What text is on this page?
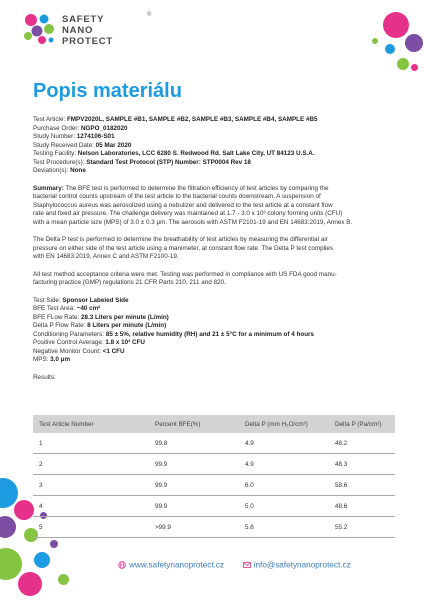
SAFETY
NANO
PROTECT
®
Popis materiálu
Test Article: FMPV2020L, SAMPLE #B1, SAMPLE #B2, SAMPLE #B3, SAMPLE #B4, SAMPLE #B5
Purchase Order: NGPO_0182020
Study Number: 1274106-S01
Study Received Date: 05 Mar 2020
Testing Facility: Nelson Laboratories, LCC 6280 S. Redwood Rd. Salt Lake City, UT 84123 U.S.A.
Test Procedure(s): Standard Test Protocol (STP) Number: STP0004 Rev 18
Deviation(s): None
Summary: The BFE test is performed to determine the filtration efficiency of test articles by comparing the
bacterial control counts upstream of the test article to the bacterial counts downstream. A suspension of
Staphylococcus aureus was aerosolized using a nebulizer and delivered to the test article at a constant flow
rate and fixed air pressure. The challenge delivery was maintained at 1.7 - 3.0 x 10³ colony forming units (CFU)
with a mean particle size (MPS) of 3.0 ± 0.3 μm. The aerosols with ASTM F2101-19 and EN 14683:2019, Annex B.
The Delta P test is performed to determine the breathability of test articles by measuring the differential air
pressure on either side of the test article using a manimeter, at constant flow rate. The Delta P test complies
with EN 14683:2019, Annex C and ASTM F2100-19.
All test method acceptance criteria were met. Testing was performed in compliance with US FDA good manu-
facturing practice (GMP) regulations 21 CFR Parts 210, 211 and 820.
Test Side: Sponsor Labeled Side
BFE Test Area: ~40 cm²
BFE FLow Rate: 28.3 Liters per minute (L/min)
Delta P Flow Rate: 8 Liters per minute (L/min)
Conditioning Parameters: 85 ± 5%, relative humidity (RH) and 21 ± 5°C for a minimum of 4 hours
Positive Control Average: 1.8 x 10³ CFU
Negative Monitor Count: <1 CFU
MPS: 3.0 μm
Results:
Test Article Number	Percent BFE(%)	Delta P (mm H₂O/cm²)	Delta P (Pa/cm²)
1	99.8	4.9	48.2
2	99.9	4.9	48.3
3	99.9	6.0	58.6
4	99.9	5.0	48.6
5	>99.9	5.6	55.2
www.safetynanoprotect.cz	info@safetynanoprotect.cz
